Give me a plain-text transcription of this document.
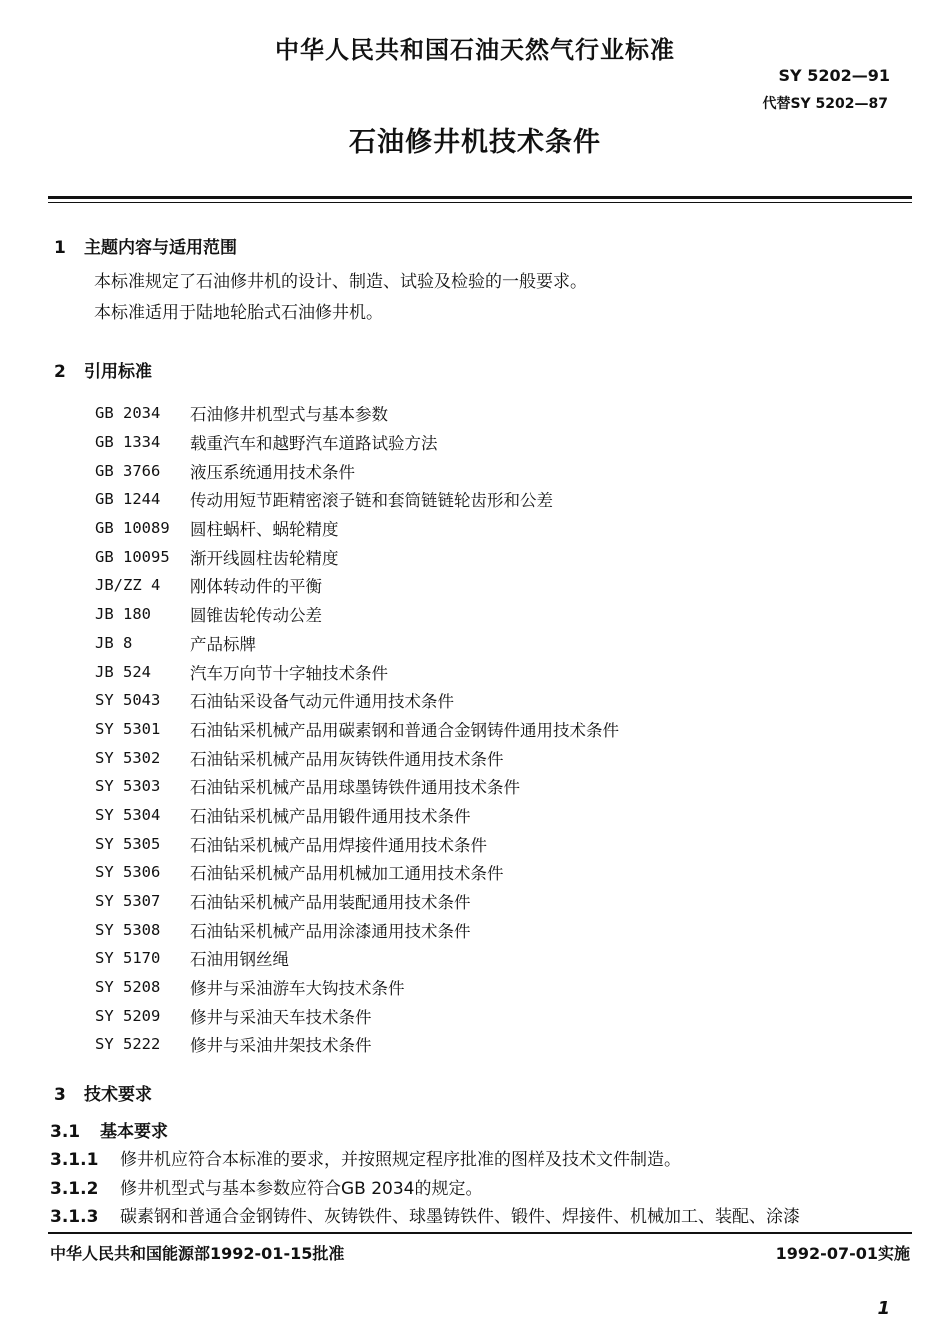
中华人民共和国石油天然气行业标准
SY 5202—91
代替SY 5202—87
石油修井机技术条件
1 主题内容与适用范围
本标准规定了石油修井机的设计、制造、试验及检验的一般要求。
本标准适用于陆地轮胎式石油修井机。
2 引用标准
GB 2034	石油修井机型式与基本参数
GB 1334	载重汽车和越野汽车道路试验方法
GB 3766	液压系统通用技术条件
GB 1244	传动用短节距精密滚子链和套筒链链轮齿形和公差
GB 10089	圆柱蜗杆、蜗轮精度
GB 10095	渐开线圆柱齿轮精度
JB/ZZ 4	刚体转动件的平衡
JB 180	圆锥齿轮传动公差
JB 8	产品标牌
JB 524	汽车万向节十字轴技术条件
SY 5043	石油钻采设备气动元件通用技术条件
SY 5301	石油钻采机械产品用碳素钢和普通合金钢铸件通用技术条件
SY 5302	石油钻采机械产品用灰铸铁件通用技术条件
SY 5303	石油钻采机械产品用球墨铸铁件通用技术条件
SY 5304	石油钻采机械产品用锻件通用技术条件
SY 5305	石油钻采机械产品用焊接件通用技术条件
SY 5306	石油钻采机械产品用机械加工通用技术条件
SY 5307	石油钻采机械产品用装配通用技术条件
SY 5308	石油钻采机械产品用涂漆通用技术条件
SY 5170	石油用钢丝绳
SY 5208	修井与采油游车大钩技术条件
SY 5209	修井与采油天车技术条件
SY 5222	修井与采油井架技术条件
3 技术要求
3.1 基本要求
3.1.1 修井机应符合本标准的要求，并按照规定程序批准的图样及技术文件制造。
3.1.2 修井机型式与基本参数应符合GB 2034的规定。
3.1.3 碳素钢和普通合金钢铸件、灰铸铁件、球墨铸铁件、锻件、焊接件、机械加工、装配、涂漆
中华人民共和国能源部1992-01-15批准	1992-07-01实施
1
